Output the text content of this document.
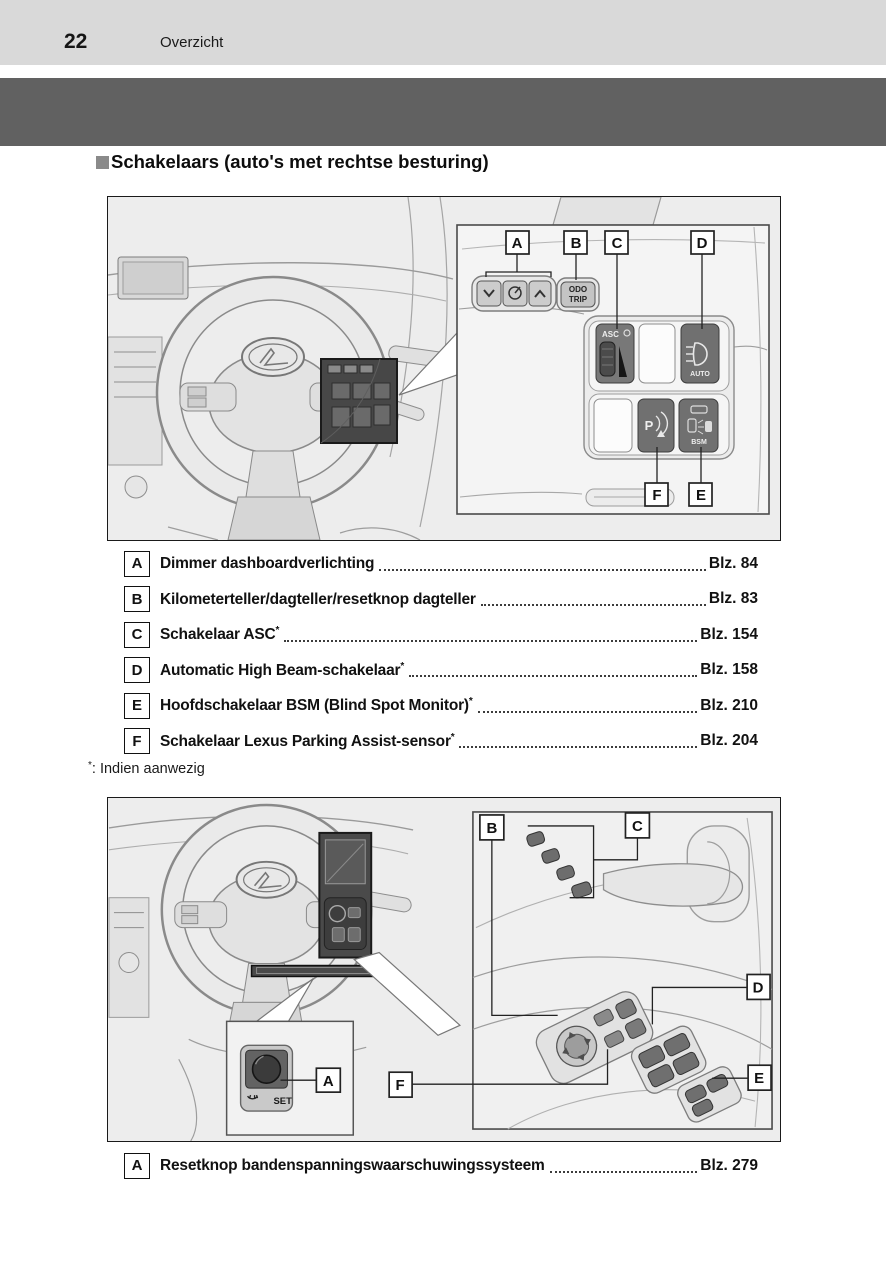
22	Overzicht
Schakelaars (auto's met rechtse besturing)
ODO
TRIP
ASC
AUTO
P
BSM
A	B C	D
F E
A	Dimmer dashboardverlichting	Blz. 84
B	Kilometerteller/dagteller/resetknop dagteller	Blz. 83
C	Schakelaar ASC*	Blz. 154
D	Automatic High Beam-schakelaar*	Blz. 158
E	Hoofdschakelaar BSM (Blind Spot Monitor)*	Blz. 210
F	Schakelaar Lexus Parking Assist-sensor*	Blz. 204
*: Indien aanwezig
SET
A
B	C
D
E
F
A	Resetknop bandenspanningswaarschuwingssysteem	Blz. 279
